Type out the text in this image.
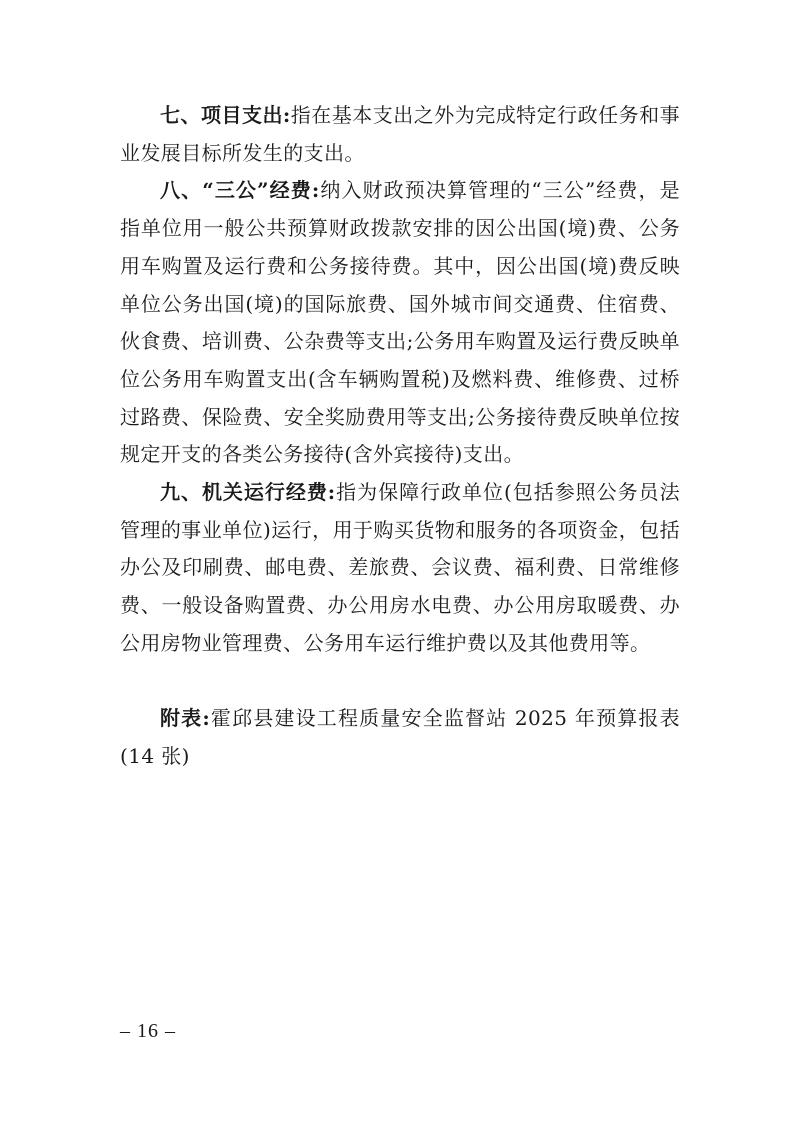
七、项目支出:指在基本支出之外为完成特定行政任务和事业发展目标所发生的支出。

八、“三公”经费:纳入财政预决算管理的“三公”经费，是指单位用一般公共预算财政拨款安排的因公出国(境)费、公务用车购置及运行费和公务接待费。其中，因公出国(境)费反映单位公务出国(境)的国际旅费、国外城市间交通费、住宿费、伙食费、培训费、公杂费等支出;公务用车购置及运行费反映单位公务用车购置支出(含车辆购置税)及燃料费、维修费、过桥过路费、保险费、安全奖励费用等支出;公务接待费反映单位按规定开支的各类公务接待(含外宾接待)支出。

九、机关运行经费:指为保障行政单位(包括参照公务员法管理的事业单位)运行，用于购买货物和服务的各项资金，包括办公及印刷费、邮电费、差旅费、会议费、福利费、日常维修费、一般设备购置费、办公用房水电费、办公用房取暖费、办公用房物业管理费、公务用车运行维护费以及其他费用等。

附表:霍邱县建设工程质量安全监督站 2025 年预算报表(14 张)

– 16 –
